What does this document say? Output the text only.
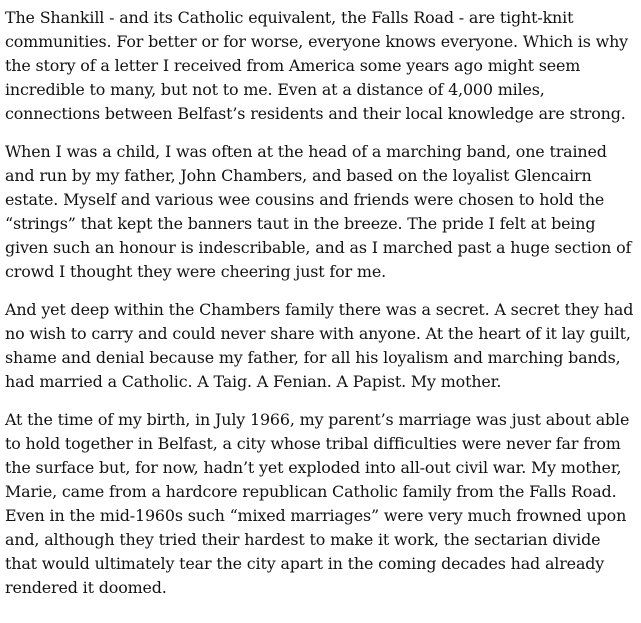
The Shankill - and its Catholic equivalent, the Falls Road - are tight-knit communities. For better or for worse, everyone knows everyone. Which is why the story of a letter I received from America some years ago might seem incredible to many, but not to me. Even at a distance of 4,000 miles, connections between Belfast’s residents and their local knowledge are strong.

When I was a child, I was often at the head of a marching band, one trained and run by my father, John Chambers, and based on the loyalist Glencairn estate. Myself and various wee cousins and friends were chosen to hold the “strings” that kept the banners taut in the breeze. The pride I felt at being given such an honour is indescribable, and as I marched past a huge section of crowd I thought they were cheering just for me.

And yet deep within the Chambers family there was a secret. A secret they had no wish to carry and could never share with anyone. At the heart of it lay guilt, shame and denial because my father, for all his loyalism and marching bands, had married a Catholic. A Taig. A Fenian. A Papist. My mother.

At the time of my birth, in July 1966, my parent’s marriage was just about able to hold together in Belfast, a city whose tribal difficulties were never far from the surface but, for now, hadn’t yet exploded into all-out civil war. My mother, Marie, came from a hardcore republican Catholic family from the Falls Road. Even in the mid-1960s such “mixed marriages” were very much frowned upon and, although they tried their hardest to make it work, the sectarian divide that would ultimately tear the city apart in the coming decades had already rendered it doomed.
